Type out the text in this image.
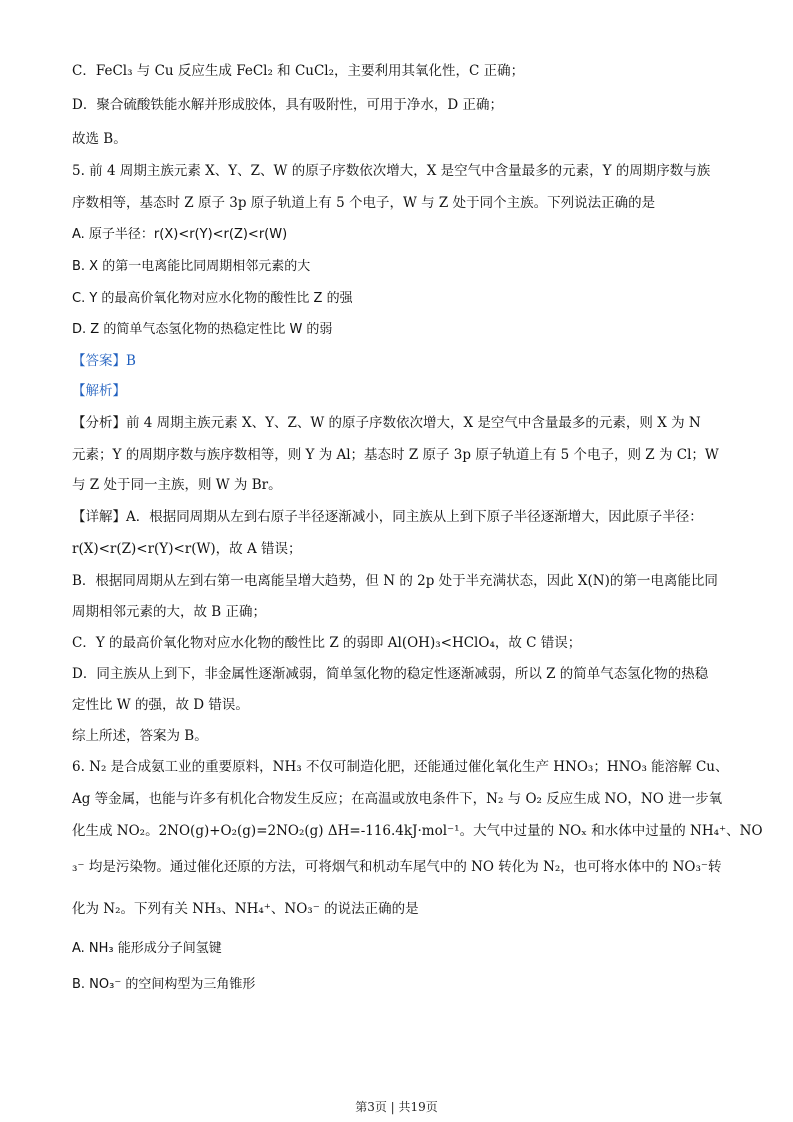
C．FeCl₃ 与 Cu 反应生成 FeCl₂ 和 CuCl₂，主要利用其氧化性，C 正确；
D．聚合硫酸铁能水解并形成胶体，具有吸附性，可用于净水，D 正确；
故选 B。
5. 前 4 周期主族元素 X、Y、Z、W 的原子序数依次增大，X 是空气中含量最多的元素，Y 的周期序数与族
序数相等，基态时 Z 原子 3p 原子轨道上有 5 个电子，W 与 Z 处于同个主族。下列说法正确的是
A. 原子半径：r(X)<r(Y)<r(Z)<r(W)
B. X 的第一电离能比同周期相邻元素的大
C. Y 的最高价氧化物对应水化物的酸性比 Z 的强
D. Z 的简单气态氢化物的热稳定性比 W 的弱
【答案】B
【解析】
【分析】前 4 周期主族元素 X、Y、Z、W 的原子序数依次增大，X 是空气中含量最多的元素，则 X 为 N
元素；Y 的周期序数与族序数相等，则 Y 为 Al；基态时 Z 原子 3p 原子轨道上有 5 个电子，则 Z 为 Cl；W
与 Z 处于同一主族，则 W 为 Br。
【详解】A．根据同周期从左到右原子半径逐渐减小，同主族从上到下原子半径逐渐增大，因此原子半径：
r(X)<r(Z)<r(Y)<r(W)，故 A 错误；
B．根据同周期从左到右第一电离能呈增大趋势，但 N 的 2p 处于半充满状态，因此 X(N)的第一电离能比同
周期相邻元素的大，故 B 正确；
C．Y 的最高价氧化物对应水化物的酸性比 Z 的弱即 Al(OH)₃<HClO₄，故 C 错误；
D．同主族从上到下，非金属性逐渐减弱，简单氢化物的稳定性逐渐减弱，所以 Z 的简单气态氢化物的热稳
定性比 W 的强，故 D 错误。
综上所述，答案为 B。
6. N₂ 是合成氨工业的重要原料，NH₃ 不仅可制造化肥，还能通过催化氧化生产 HNO₃；HNO₃ 能溶解 Cu、
Ag 等金属，也能与许多有机化合物发生反应；在高温或放电条件下，N₂ 与 O₂ 反应生成 NO，NO 进一步氧
化生成 NO₂。2NO(g)+O₂(g)=2NO₂(g) ΔH=-116.4kJ·mol⁻¹。大气中过量的 NOₓ 和水体中过量的 NH₄⁺、NO
₃⁻ 均是污染物。通过催化还原的方法，可将烟气和机动车尾气中的 NO 转化为 N₂，也可将水体中的 NO₃⁻转
化为 N₂。下列有关 NH₃、NH₄⁺、NO₃⁻ 的说法正确的是
A. NH₃ 能形成分子间氢键
B. NO₃⁻ 的空间构型为三角锥形
第3页 | 共19页
